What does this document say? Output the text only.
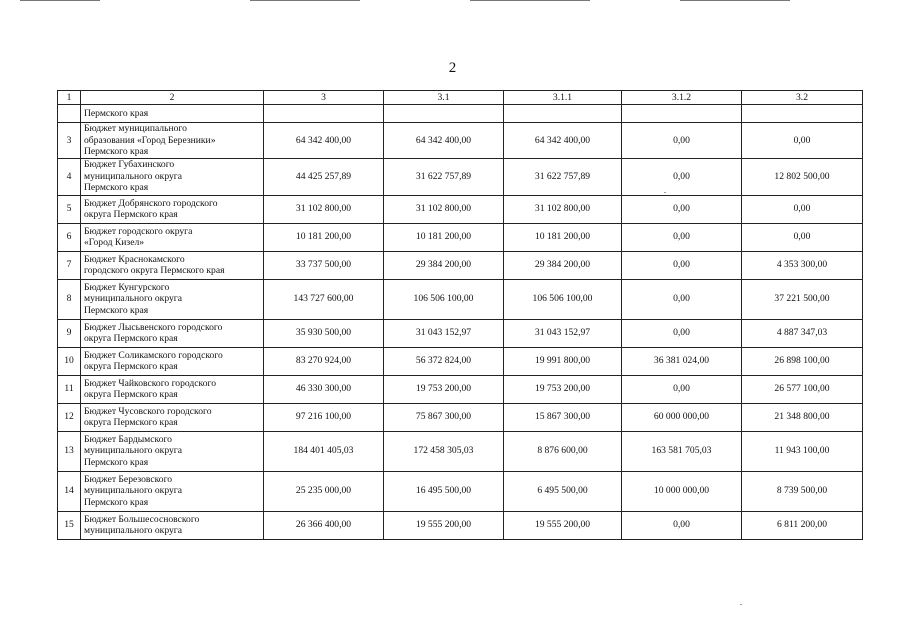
2
1	2	3	3.1	3.1.1	3.1.2	3.2
	Пермского края					
3	Бюджет муниципального
образования «Город Березники»
Пермского края	64 342 400,00	64 342 400,00	64 342 400,00	0,00	0,00
4	Бюджет Губахинского
муниципального округа
Пермского края	44 425 257,89	31 622 757,89	31 622 757,89	0,00	12 802 500,00
5	Бюджет Добрянского городского
округа Пермского края	31 102 800,00	31 102 800,00	31 102 800,00	0,00	0,00
6	Бюджет городского округа
«Город Кизел»	10 181 200,00	10 181 200,00	10 181 200,00	0,00	0,00
7	Бюджет Краснокамского
городского округа Пермского края	33 737 500,00	29 384 200,00	29 384 200,00	0,00	4 353 300,00
8	Бюджет Кунгурского
муниципального округа
Пермского края	143 727 600,00	106 506 100,00	106 506 100,00	0,00	37 221 500,00
9	Бюджет Лысьвенского городского
округа Пермского края	35 930 500,00	31 043 152,97	31 043 152,97	0,00	4 887 347,03
10	Бюджет Соликамского городского
округа Пермского края	83 270 924,00	56 372 824,00	19 991 800,00	36 381 024,00	26 898 100,00
11	Бюджет Чайковского городского
округа Пермского края	46 330 300,00	19 753 200,00	19 753 200,00	0,00	26 577 100,00
12	Бюджет Чусовского городского
округа Пермского края	97 216 100,00	75 867 300,00	15 867 300,00	60 000 000,00	21 348 800,00
13	Бюджет Бардымского
муниципального округа
Пермского края	184 401 405,03	172 458 305,03	8 876 600,00	163 581 705,03	11 943 100,00
14	Бюджет Березовского
муниципального округа
Пермского края	25 235 000,00	16 495 500,00	6 495 500,00	10 000 000,00	8 739 500,00
15	Бюджет Большесосновского
муниципального округа	26 366 400,00	19 555 200,00	19 555 200,00	0,00	6 811 200,00
